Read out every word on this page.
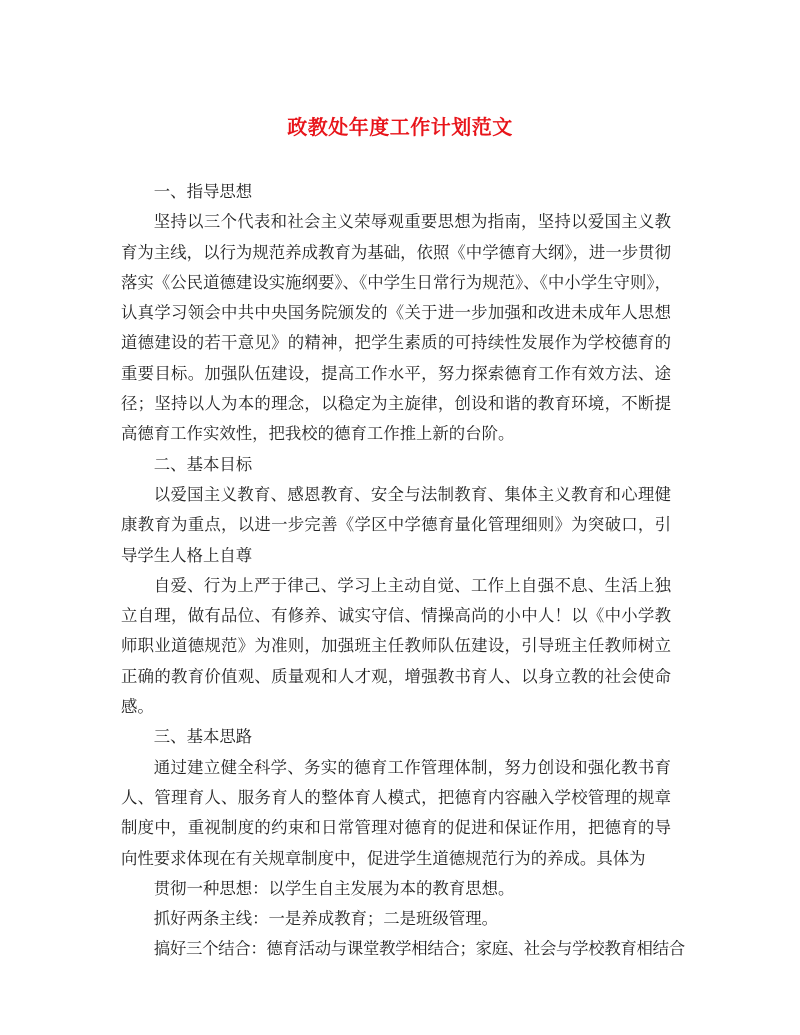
政教处年度工作计划范文

一、指导思想

坚持以三个代表和社会主义荣辱观重要思想为指南，坚持以爱国主义教育为主线，以行为规范养成教育为基础，依照《中学德育大纲》，进一步贯彻落实《公民道德建设实施纲要》、《中学生日常行为规范》、《中小学生守则》，认真学习领会中共中央国务院颁发的《关于进一步加强和改进未成年人思想道德建设的若干意见》的精神，把学生素质的可持续性发展作为学校德育的重要目标。加强队伍建设，提高工作水平，努力探索德育工作有效方法、途径；坚持以人为本的理念，以稳定为主旋律，创设和谐的教育环境，不断提高德育工作实效性，把我校的德育工作推上新的台阶。

二、基本目标

以爱国主义教育、感恩教育、安全与法制教育、集体主义教育和心理健康教育为重点，以进一步完善《学区中学德育量化管理细则》为突破口，引导学生人格上自尊

自爱、行为上严于律己、学习上主动自觉、工作上自强不息、生活上独立自理，做有品位、有修养、诚实守信、情操高尚的小中人！以《中小学教师职业道德规范》为准则，加强班主任教师队伍建设，引导班主任教师树立正确的教育价值观、质量观和人才观，增强教书育人、以身立教的社会使命感。

三、基本思路

通过建立健全科学、务实的德育工作管理体制，努力创设和强化教书育人、管理育人、服务育人的整体育人模式，把德育内容融入学校管理的规章制度中，重视制度的约束和日常管理对德育的促进和保证作用，把德育的导向性要求体现在有关规章制度中，促进学生道德规范行为的养成。具体为

贯彻一种思想：以学生自主发展为本的教育思想。

抓好两条主线：一是养成教育；二是班级管理。

搞好三个结合：德育活动与课堂教学相结合；家庭、社会与学校教育相结合
